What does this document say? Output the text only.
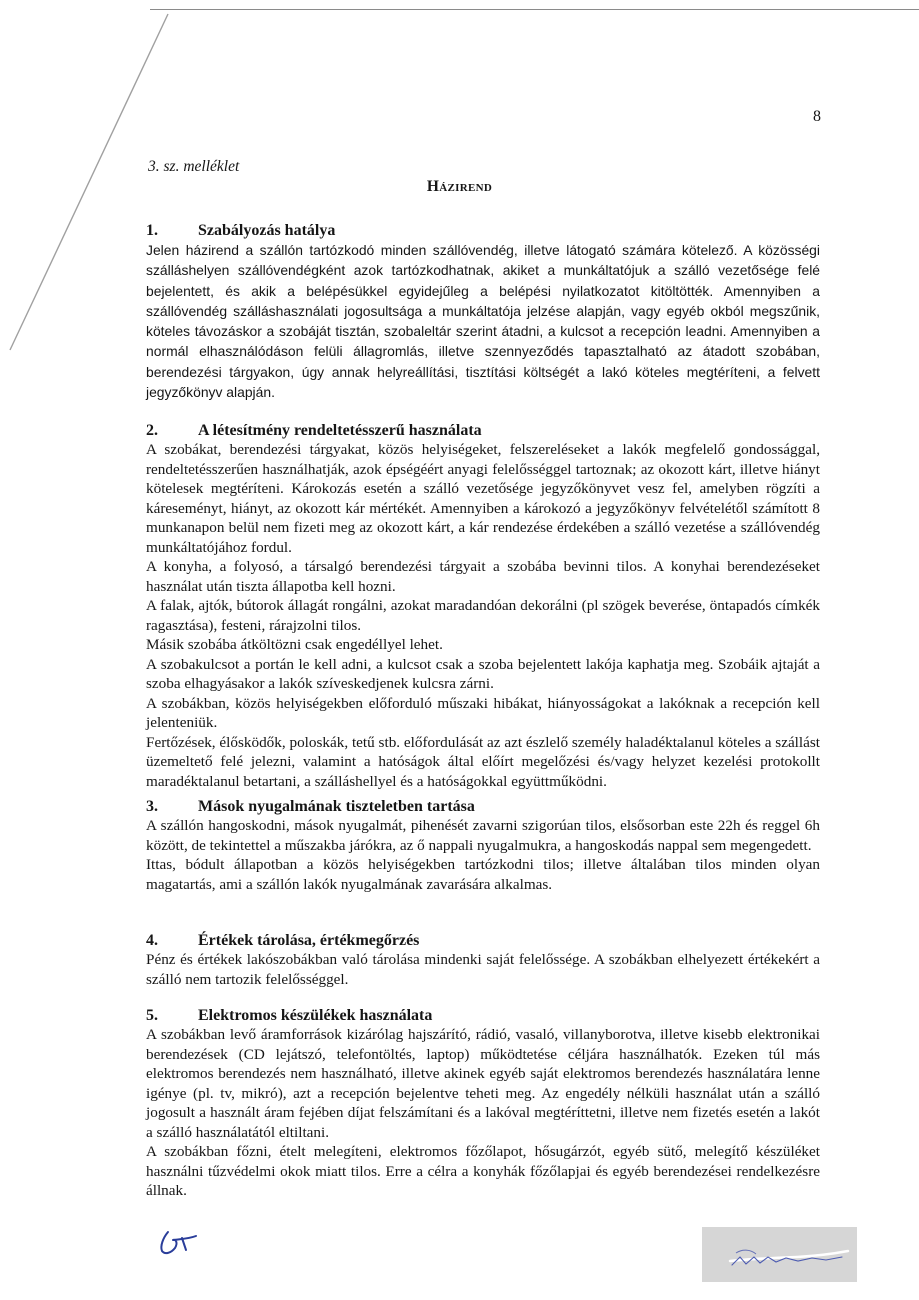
8
3. sz. melléklet
Házirend
1.	Szabályozás hatálya

Jelen házirend a szállón tartózkodó minden szállóvendég, illetve látogató számára kötelező. A közösségi szálláshelyen szállóvendégként azok tartózkodhatnak, akiket a munkáltatójuk a szálló vezetősége felé bejelentett, és akik a belépésükkel egyidejűleg a belépési nyilatkozatot kitöltötték. Amennyiben a szállóvendég szálláshasználati jogosultsága a munkáltatója jelzése alapján, vagy egyéb okból megszűnik, köteles távozáskor a szobáját tisztán, szobaleltár szerint átadni, a kulcsot a recepción leadni. Amennyiben a normál elhasználódáson felüli állagromlás, illetve szennyeződés tapasztalható az átadott szobában, berendezési tárgyakon, úgy annak helyreállítási, tisztítási költségét a lakó köteles megtéríteni, a felvett jegyzőkönyv alapján.

2.	A létesítmény rendeltetésszerű használata

A szobákat, berendezési tárgyakat, közös helyiségeket, felszereléseket a lakók megfelelő gondossággal, rendeltetésszerűen használhatják, azok épségéért anyagi felelősséggel tartoznak; az okozott kárt, illetve hiányt kötelesek megtéríteni. Károkozás esetén a szálló vezetősége jegyzőkönyvet vesz fel, amelyben rögzíti a káreseményt, hiányt, az okozott kár mértékét. Amennyiben a károkozó a jegyzőkönyv felvételétől számított 8 munkanapon belül nem fizeti meg az okozott kárt, a kár rendezése érdekében a szálló vezetése a szállóvendég munkáltatójához fordul.

A konyha, a folyosó, a társalgó berendezési tárgyait a szobába bevinni tilos. A konyhai berendezéseket használat után tiszta állapotba kell hozni.

A falak, ajtók, bútorok állagát rongálni, azokat maradandóan dekorálni (pl szögek beverése, öntapadós címkék ragasztása), festeni, rárajzolni tilos.

Másik szobába átköltözni csak engedéllyel lehet.

A szobakulcsot a portán le kell adni, a kulcsot csak a szoba bejelentett lakója kaphatja meg. Szobáik ajtaját a szoba elhagyásakor a lakók szíveskedjenek kulcsra zárni.

A szobákban, közös helyiségekben előforduló műszaki hibákat, hiányosságokat a lakóknak a recepción kell jelenteniük.

Fertőzések, élősködők, poloskák, tetű stb. előfordulását az azt észlelő személy haladéktalanul köteles a szállást üzemeltető felé jelezni, valamint a hatóságok által előírt megelőzési és/vagy helyzet kezelési protokollt maradéktalanul betartani, a szálláshellyel és a hatóságokkal együttműködni.

3.	Mások nyugalmának tiszteletben tartása

A szállón hangoskodni, mások nyugalmát, pihenését zavarni szigorúan tilos, elsősorban este 22h és reggel 6h között, de tekintettel a műszakba járókra, az ő nappali nyugalmukra, a hangoskodás nappal sem megengedett.

Ittas, bódult állapotban a közös helyiségekben tartózkodni tilos; illetve általában tilos minden olyan magatartás, ami a szállón lakók nyugalmának zavarására alkalmas.

4.	Értékek tárolása, értékmegőrzés

Pénz és értékek lakószobákban való tárolása mindenki saját felelőssége. A szobákban elhelyezett értékekért a szálló nem tartozik felelősséggel.

5.	Elektromos készülékek használata

A szobákban levő áramforrások kizárólag hajszárító, rádió, vasaló, villanyborotva, illetve kisebb elektronikai berendezések (CD lejátszó, telefontöltés, laptop) működtetése céljára használhatók. Ezeken túl más elektromos berendezés nem használható, illetve akinek egyéb saját elektromos berendezés használatára lenne igénye (pl. tv, mikró), azt a recepción bejelentve teheti meg. Az engedély nélküli használat után a szálló jogosult a használt áram fejében díjat felszámítani és a lakóval megtéríttetni, illetve nem fizetés esetén a lakót a szálló használatától eltiltani.

A szobákban főzni, ételt melegíteni, elektromos főzőlapot, hősugárzót, egyéb sütő, melegítő készüléket használni tűzvédelmi okok miatt tilos. Erre a célra a konyhák főzőlapjai és egyéb berendezései rendelkezésre állnak.
